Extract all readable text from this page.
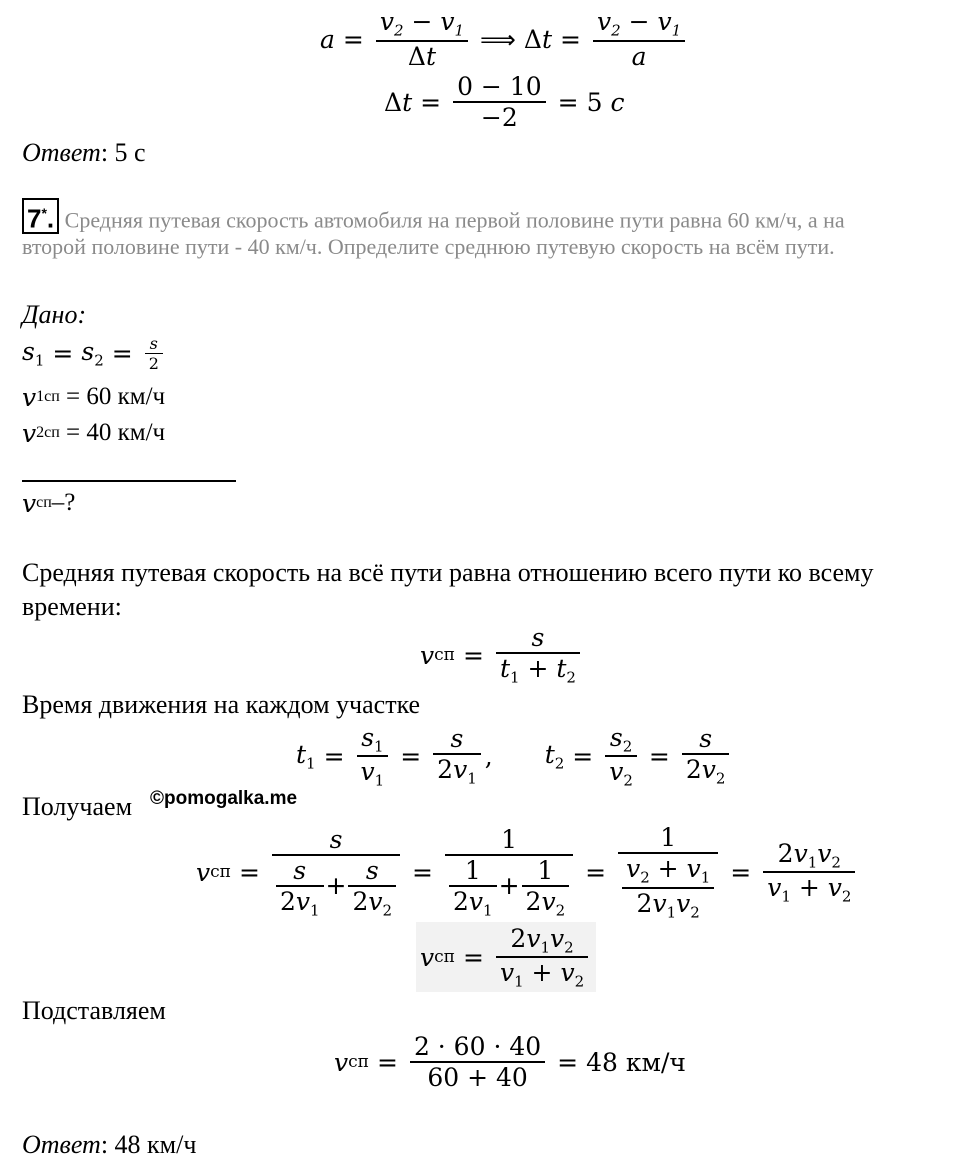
$a = \frac{v_2 - v_1}{\Delta t}$ ⟹ Δ $t = \frac{v_2 - v_1}{a}$
Δ $t = \frac{0 - 10}{-2} = 5$
с
Ответ: 5 с
7*. Средняя путевая скорость автомобиля на первой половине пути равна 60 км/ч, а на
второй половине пути - 40 км/ч. Определите среднюю путевую скорость на всём пути.
Дано:
$s_1 = s_2 = \frac{s}{2}$
v 1сп
= 60 км/ч
v 2сп
= 40 км/ч
v сп –?
Средняя путевая скорость на всё пути равна отношению всего пути ко всему
времени:
v сп = $\frac{s}{t_1 + t_2}$
Время движения на каждом участке
$t_1 = \frac{s_1}{v_1} = \frac{s}{2v_1}$ , $t_2 = \frac{s_2}{v_2} = \frac{s}{2v_2}$
Получаем ©pomogalka.me
v сп = $\frac{s}{\frac{s}{2v_1} + \frac{s}{2v_2}} = \frac{1}{\frac{1}{2v_1} + \frac{1}{2v_2}} = \frac{1}{\frac{v_2 + v_1}{2v_1v_2}} = \frac{2v_1v_2}{v_1 + v_2}$
v сп = $\frac{2v_1v_2}{v_1 + v_2}$
Подставляем
v сп = $\frac{2 \cdot 60 \cdot 40}{60 + 40} = 48$
км/ч
Ответ: 48 км/ч
